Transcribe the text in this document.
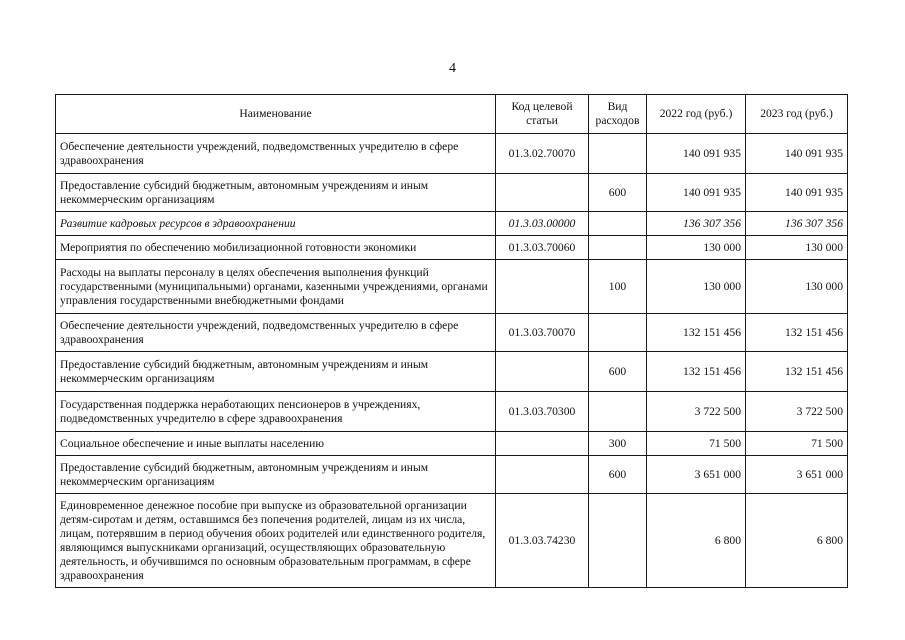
4
Наименование	Код целевой статьи	Вид расходов	2022 год (руб.)	2023 год (руб.)
Обеспечение деятельности учреждений, подведомственных учредителю в сфере здравоохранения	01.3.02.70070		140 091 935	140 091 935
Предоставление субсидий бюджетным, автономным учреждениям и иным некоммерческим организациям		600	140 091 935	140 091 935
Развитие кадровых ресурсов в здравоохранении	01.3.03.00000		136 307 356	136 307 356
Мероприятия по обеспечению мобилизационной готовности экономики	01.3.03.70060		130 000	130 000
Расходы на выплаты персоналу в целях обеспечения выполнения функций государственными (муниципальными) органами, казенными учреждениями, органами управления государственными внебюджетными фондами		100	130 000	130 000
Обеспечение деятельности учреждений, подведомственных учредителю в сфере здравоохранения	01.3.03.70070		132 151 456	132 151 456
Предоставление субсидий бюджетным, автономным учреждениям и иным некоммерческим организациям		600	132 151 456	132 151 456
Государственная поддержка неработающих пенсионеров в учреждениях, подведомственных учредителю в сфере здравоохранения	01.3.03.70300		3 722 500	3 722 500
Социальное обеспечение и иные выплаты населению		300	71 500	71 500
Предоставление субсидий бюджетным, автономным учреждениям и иным некоммерческим организациям		600	3 651 000	3 651 000
Единовременное денежное пособие при выпуске из образовательной организации детям-сиротам и детям, оставшимся без попечения родителей, лицам из их числа, лицам, потерявшим в период обучения обоих родителей или единственного родителя, являющимся выпускниками организаций, осуществляющих образовательную деятельность, и обучившимся по основным образовательным программам, в сфере здравоохранения	01.3.03.74230		6 800	6 800
